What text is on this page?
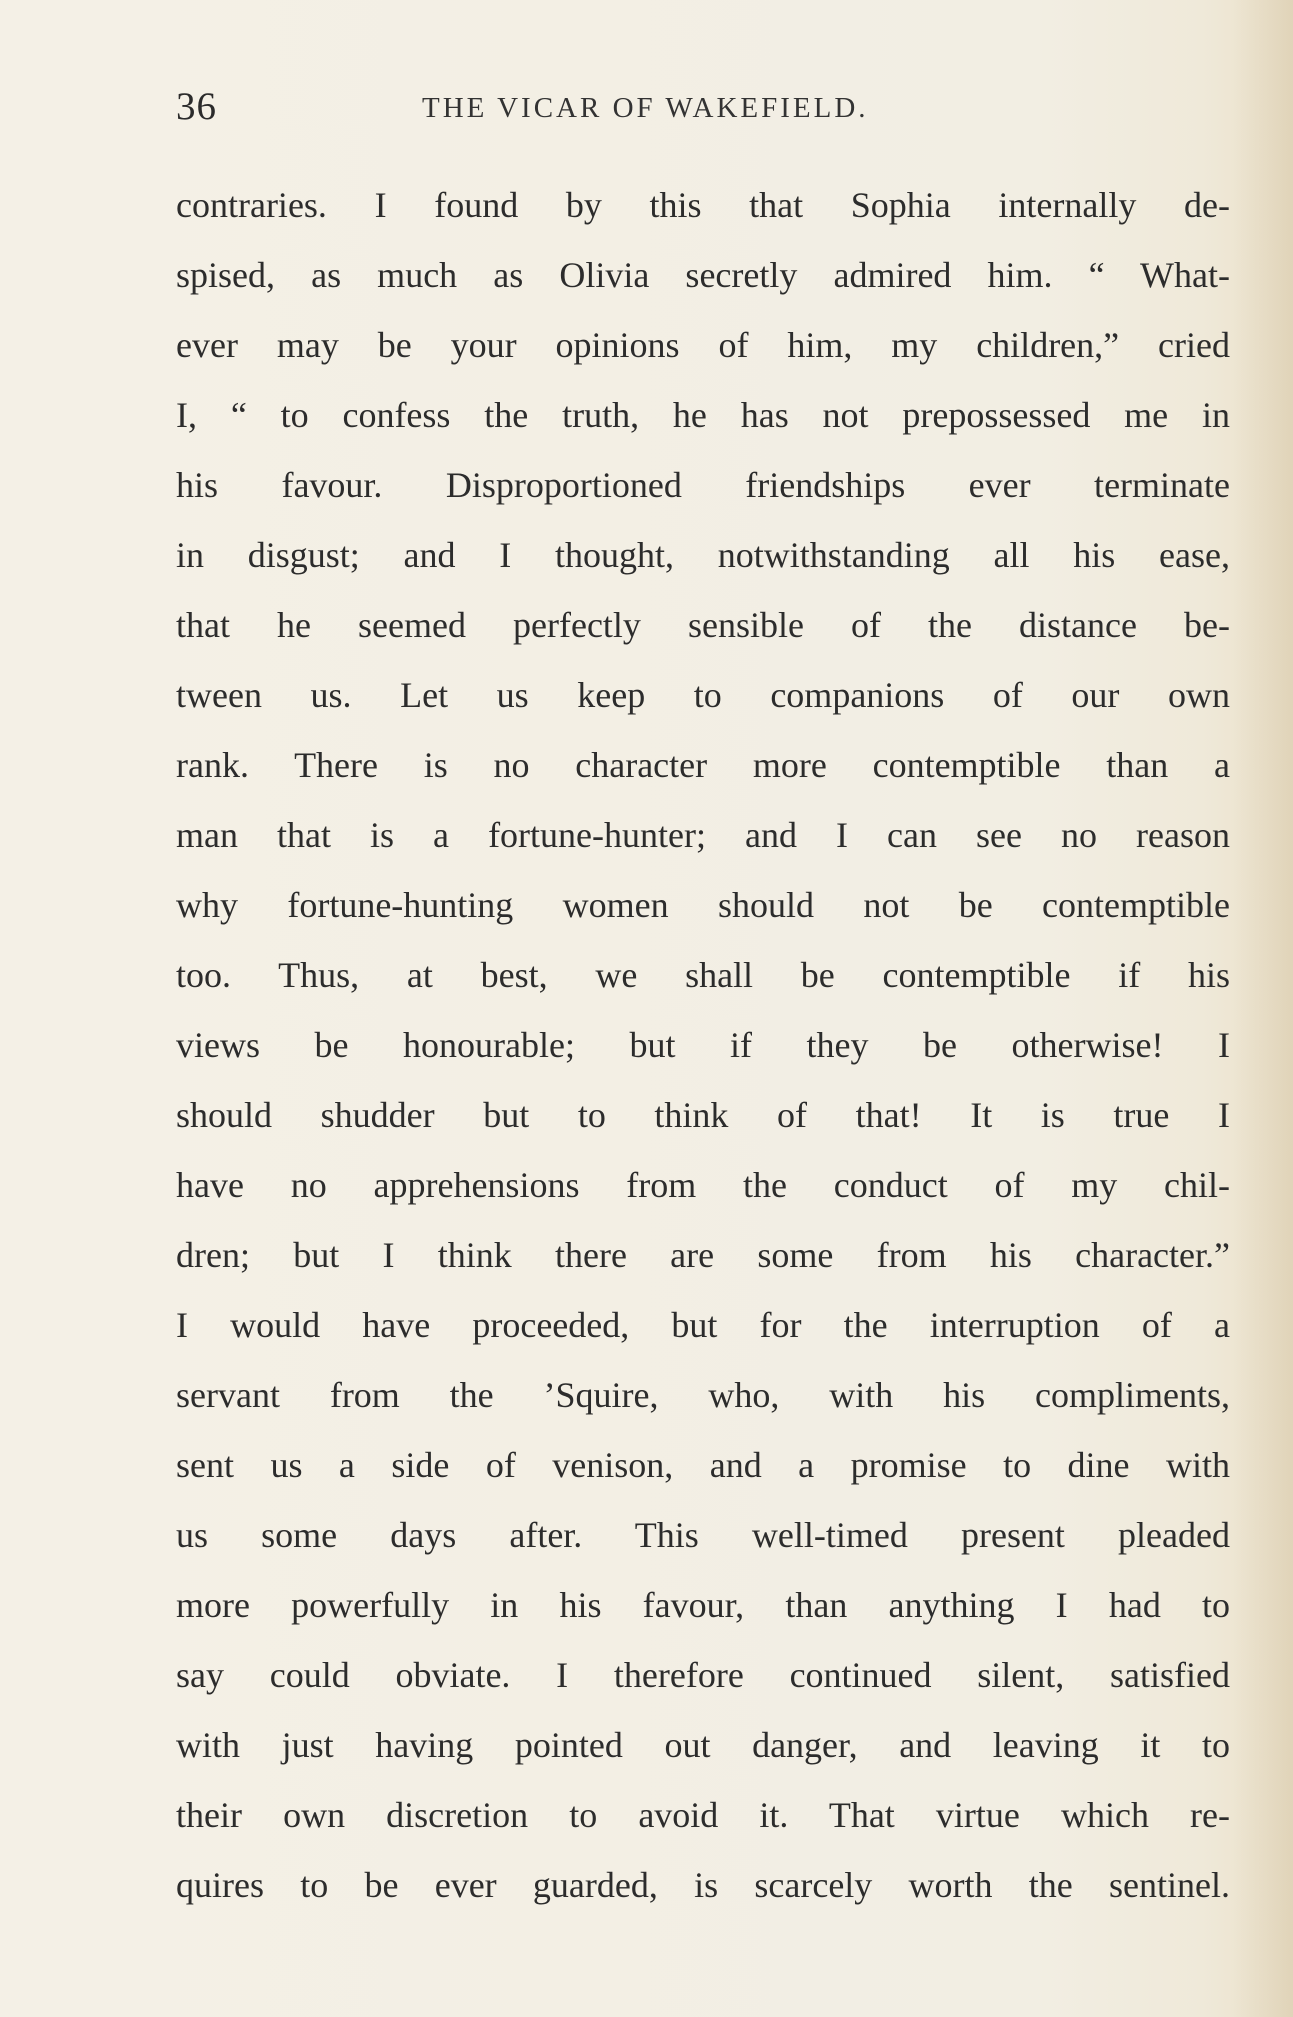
36	THE VICAR OF WAKEFIELD.
contraries. I found by this that Sophia internally de-
spised, as much as Olivia secretly admired him. “ What-
ever may be your opinions of him, my children,” cried
I, “ to confess the truth, he has not prepossessed me in
his favour. Disproportioned friendships ever terminate
in disgust; and I thought, notwithstanding all his ease,
that he seemed perfectly sensible of the distance be-
tween us. Let us keep to companions of our own
rank. There is no character more contemptible than a
man that is a fortune-hunter; and I can see no reason
why fortune-hunting women should not be contemptible
too. Thus, at best, we shall be contemptible if his
views be honourable; but if they be otherwise! I
should shudder but to think of that! It is true I
have no apprehensions from the conduct of my chil-
dren; but I think there are some from his character.”
I would have proceeded, but for the interruption of a
servant from the ’Squire, who, with his compliments,
sent us a side of venison, and a promise to dine with
us some days after. This well-timed present pleaded
more powerfully in his favour, than anything I had to
say could obviate. I therefore continued silent, satisfied
with just having pointed out danger, and leaving it to
their own discretion to avoid it. That virtue which re-
quires to be ever guarded, is scarcely worth the sentinel.
